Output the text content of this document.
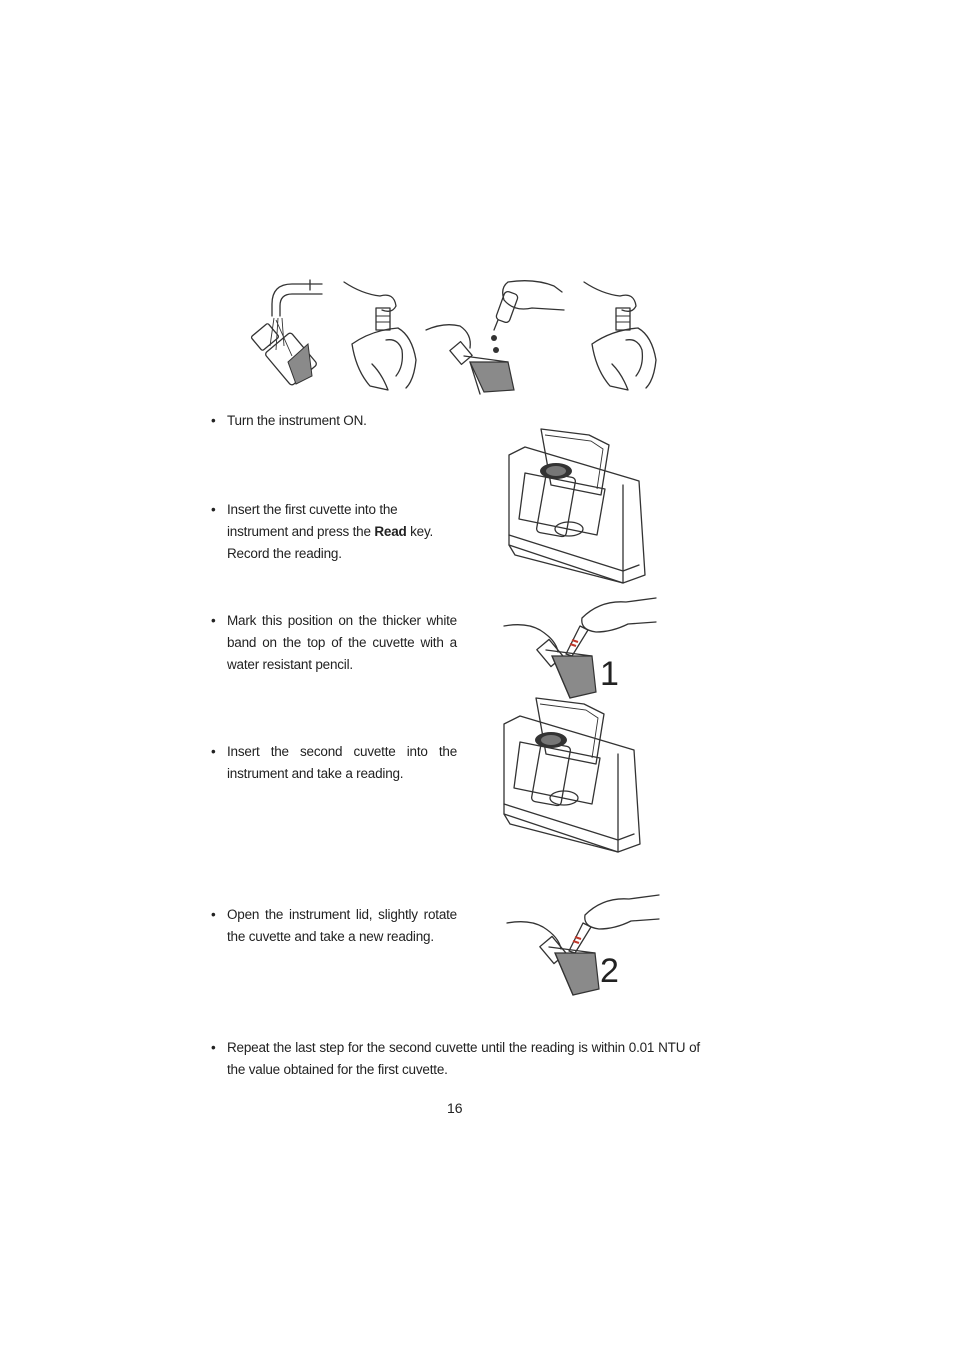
• Turn the instrument ON.
• Insert the first cuvette into the instrument and press the Read key. Record the reading.
• Mark this position on the thicker white band on the top of the cuvette with a water resistant pencil.
• Insert the second cuvette into the instrument and take a reading.
• Open the instrument lid, slightly rotate the cuvette and take a new reading.
• Repeat the last step for the second cuvette until the reading is within 0.01 NTU of the value obtained for the first cuvette.
1
2
16
